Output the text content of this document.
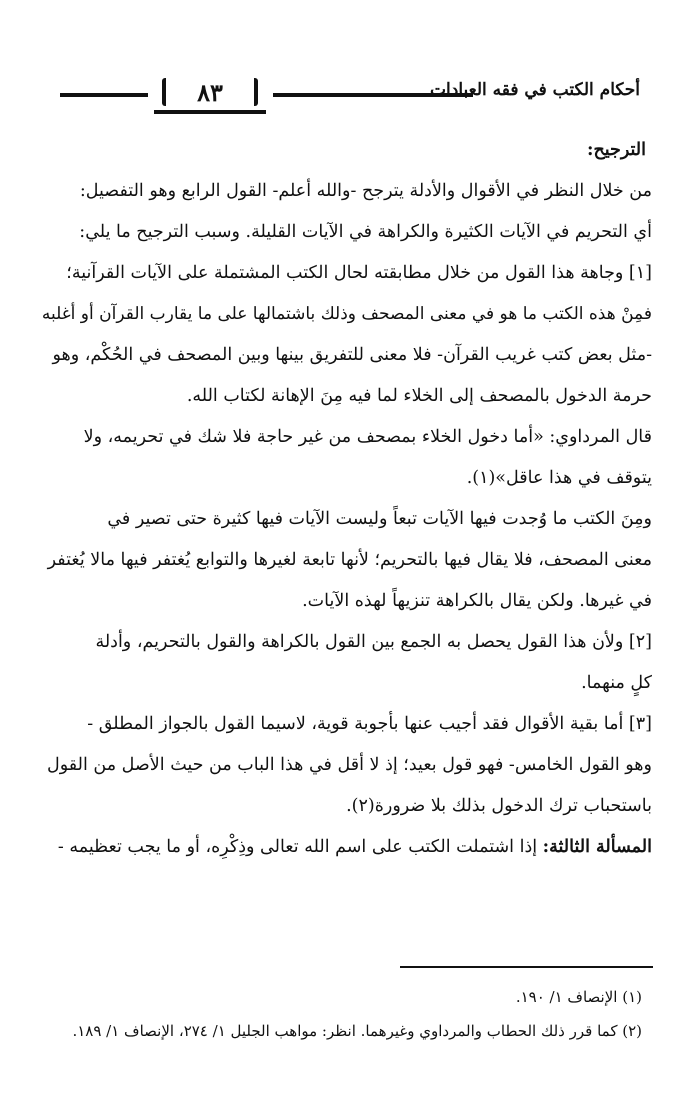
٨٣	أحكام الكتب في فقه العبادات
الترجيح:
من خلال النظر في الأقوال والأدلة يترجح -والله أعلم- القول الرابع وهو التفصيل:
أي التحريم في الآيات الكثيرة والكراهة في الآيات القليلة. وسبب الترجيح ما يلي:
[١] وجاهة هذا القول من خلال مطابقته لحال الكتب المشتملة على الآيات القرآنية؛
فمِنْ هذه الكتب ما هو في معنى المصحف وذلك باشتمالها على ما يقارب القرآن أو أغلبه
-مثل بعض كتب غريب القرآن- فلا معنى للتفريق بينها وبين المصحف في الحُكْم، وهو
حرمة الدخول بالمصحف إلى الخلاء لما فيه مِنَ الإهانة لكتاب الله.
قال المرداوي: «أما دخول الخلاء بمصحف من غير حاجة فلا شك في تحريمه، ولا
يتوقف في هذا عاقل»(١).
ومِنَ الكتب ما وُجدت فيها الآيات تبعاً وليست الآيات فيها كثيرة حتى تصير في
معنى المصحف، فلا يقال فيها بالتحريم؛ لأنها تابعة لغيرها والتوابع يُغتفر فيها مالا يُغتفر
في غيرها. ولكن يقال بالكراهة تنزيهاً لهذه الآيات.
[٢] ولأن هذا القول يحصل به الجمع بين القول بالكراهة والقول بالتحريم، وأدلة
كلٍ منهما.
[٣] أما بقية الأقوال فقد أجيب عنها بأجوبة قوية، لاسيما القول بالجواز المطلق -
وهو القول الخامس- فهو قول بعيد؛ إذ لا أقل في هذا الباب من حيث الأصل من القول
باستحباب ترك الدخول بذلك بلا ضرورة(٢).
المسألة الثالثة: إذا اشتملت الكتب على اسم الله تعالى وذِكْرِه، أو ما يجب تعظيمه -
(١) الإنصاف ١/ ١٩٠.
(٢) كما قرر ذلك الحطاب والمرداوي وغيرهما. انظر: مواهب الجليل ١/ ٢٧٤، الإنصاف ١/ ١٨٩.
